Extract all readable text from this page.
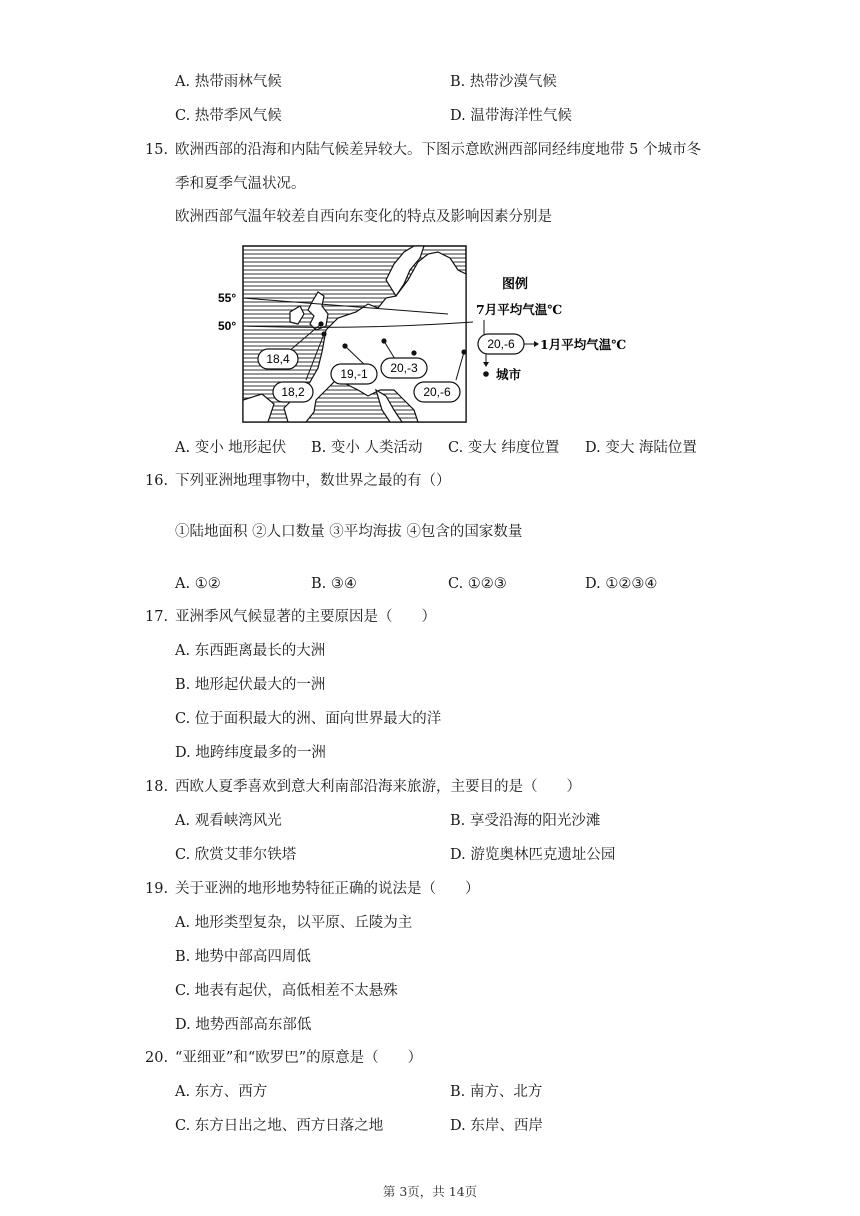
A. 热带雨林气候	B. 热带沙漠气候
C. 热带季风气候	D. 温带海洋性气候
15. 欧洲西部的沿海和内陆气候差异较大。下图示意欧洲西部同经纬度地带 5 个城市冬
季和夏季气温状况。
欧洲西部气温年较差自西向东变化的特点及影响因素分别是
55°
50°
18,4
18,2
19,-1 20,-3
20,-6
图例
7月平均气温℃
20,-6 1月平均气温℃
城市
A. 变小 地形起伏 B. 变小 人类活动 C. 变大 纬度位置 D. 变大 海陆位置
16. 下列亚洲地理事物中，数世界之最的有（）
①陆地面积 ②人口数量 ③平均海拔 ④包含的国家数量
A. ①②	B. ③④	C. ①②③	D. ①②③④
17. 亚洲季风气候显著的主要原因是（　　）
A. 东西距离最长的大洲
B. 地形起伏最大的一洲
C. 位于面积最大的洲、面向世界最大的洋
D. 地跨纬度最多的一洲
18. 西欧人夏季喜欢到意大利南部沿海来旅游，主要目的是（　　）
A. 观看峡湾风光	B. 享受沿海的阳光沙滩
C. 欣赏艾菲尔铁塔	D. 游览奥林匹克遗址公园
19. 关于亚洲的地形地势特征正确的说法是（　　）
A. 地形类型复杂，以平原、丘陵为主
B. 地势中部高四周低
C. 地表有起伏，高低相差不太悬殊
D. 地势西部高东部低
20. “亚细亚”和“欧罗巴”的原意是（　　）
A. 东方、西方	B. 南方、北方
C. 东方日出之地、西方日落之地	D. 东岸、西岸
第 3页，共 14页
